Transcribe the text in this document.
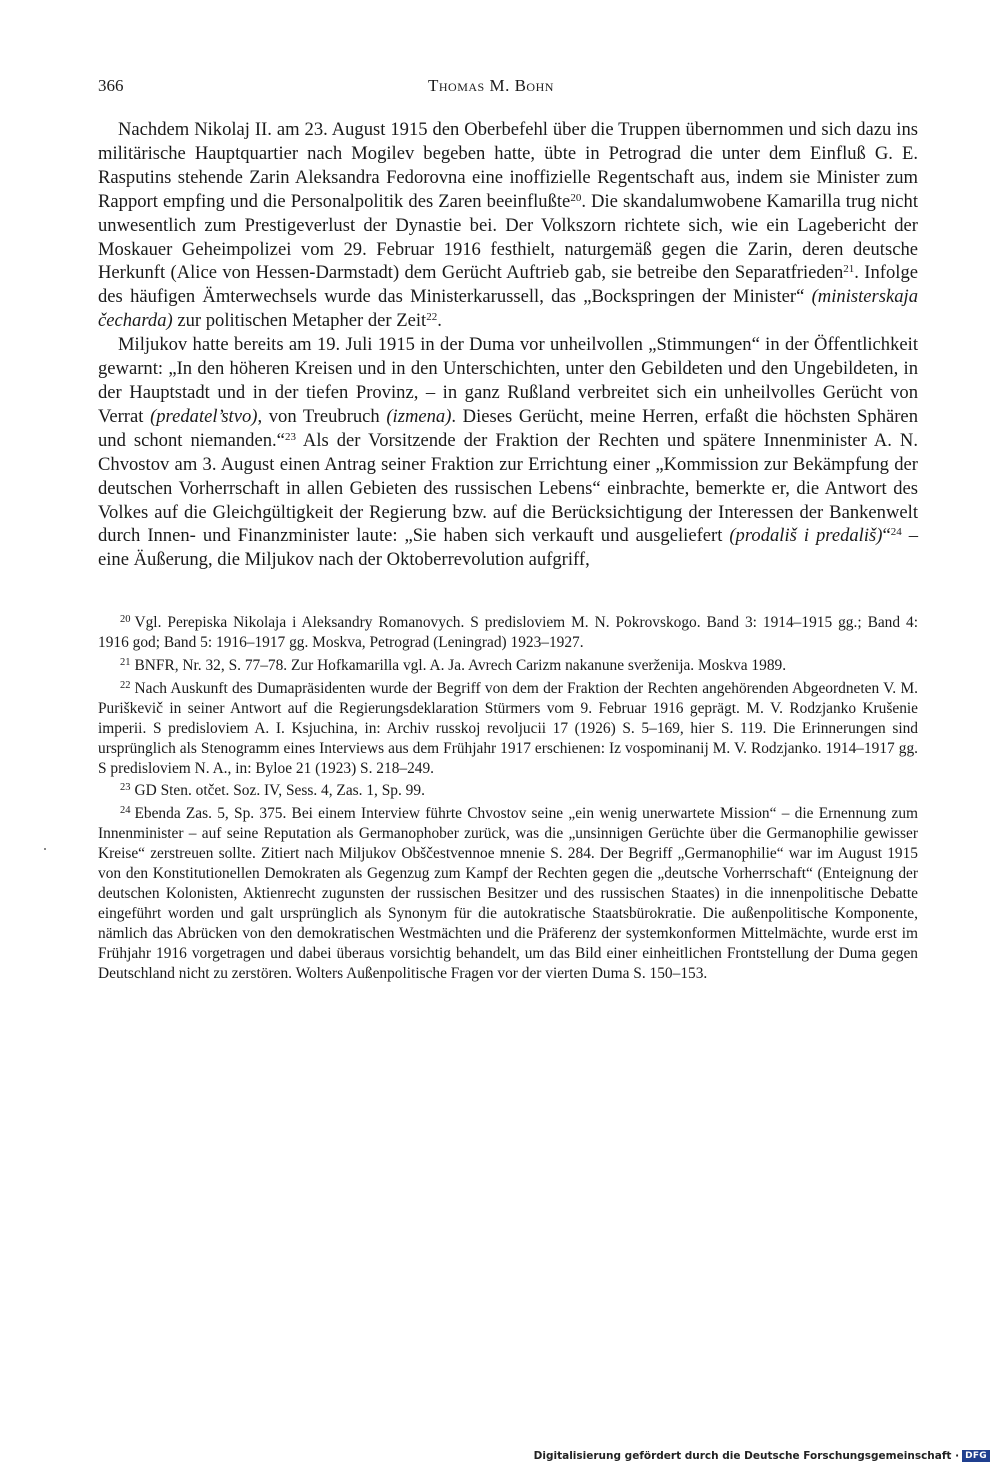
366	Thomas M. Bohn

Nachdem Nikolaj II. am 23. August 1915 den Oberbefehl über die Truppen übernommen und sich dazu ins militärische Hauptquartier nach Mogilev begeben hatte, übte in Petrograd die unter dem Einfluß G. E. Rasputins stehende Zarin Aleksandra Fedorovna eine inoffizielle Regentschaft aus, indem sie Minister zum Rapport empfing und die Personalpolitik des Zaren beeinflußte$^{20}$. Die skandalumwobene Kamarilla trug nicht unwesentlich zum Prestigeverlust der Dynastie bei. Der Volkszorn richtete sich, wie ein Lagebericht der Moskauer Geheimpolizei vom 29. Februar 1916 festhielt, naturgemäß gegen die Zarin, deren deutsche Herkunft (Alice von Hessen-Darmstadt) dem Gerücht Auftrieb gab, sie betreibe den Separatfrieden$^{21}$. Infolge des häufigen Ämterwechsels wurde das Ministerkarussell, das „Bockspringen der Minister“ (ministerskaja čecharda) zur politischen Metapher der Zeit$^{22}$.

Miljukov hatte bereits am 19. Juli 1915 in der Duma vor unheilvollen „Stimmungen“ in der Öffentlichkeit gewarnt: „In den höheren Kreisen und in den Unterschichten, unter den Gebildeten und den Ungebildeten, in der Hauptstadt und in der tiefen Provinz, – in ganz Rußland verbreitet sich ein unheilvolles Gerücht von Verrat (predatel’stvo), von Treubruch (izmena). Dieses Gerücht, meine Herren, erfaßt die höchsten Sphären und schont niemanden.“$^{23}$ Als der Vorsitzende der Fraktion der Rechten und spätere Innenminister A. N. Chvostov am 3. August einen Antrag seiner Fraktion zur Errichtung einer „Kommission zur Bekämpfung der deutschen Vorherrschaft in allen Gebieten des russischen Lebens“ einbrachte, bemerkte er, die Antwort des Volkes auf die Gleichgültigkeit der Regierung bzw. auf die Berücksichtigung der Interessen der Bankenwelt durch Innen- und Finanzminister laute: „Sie haben sich verkauft und ausgeliefert (prodališ i predališ)“$^{24}$ – eine Äußerung, die Miljukov nach der Oktoberrevolution aufgriff,

$^{20}$ Vgl. Perepiska Nikolaja i Aleksandry Romanovych. S predisloviem M. N. Pokrovskogo. Band 3: 1914–1915 gg.; Band 4: 1916 god; Band 5: 1916–1917 gg. Moskva, Petrograd (Leningrad) 1923–1927.

$^{21}$ BNFR, Nr. 32, S. 77–78. Zur Hofkamarilla vgl. A. Ja. Avrech Carizm nakanune sverženija. Moskva 1989.

$^{22}$ Nach Auskunft des Dumapräsidenten wurde der Begriff von dem der Fraktion der Rechten angehörenden Abgeordneten V. M. Puriškevič in seiner Antwort auf die Regierungsdeklaration Stürmers vom 9. Februar 1916 geprägt. M. V. Rodzjanko Krušenie imperii. S predisloviem A. I. Ksjuchina, in: Archiv russkoj revoljucii 17 (1926) S. 5–169, hier S. 119. Die Erinnerungen sind ursprünglich als Stenogramm eines Interviews aus dem Frühjahr 1917 erschienen: Iz vospominanij M. V. Rodzjanko. 1914–1917 gg. S predisloviem N. A., in: Byloe 21 (1923) S. 218–249.

$^{23}$ GD Sten. otčet. Soz. IV, Sess. 4, Zas. 1, Sp. 99.

$^{24}$ Ebenda Zas. 5, Sp. 375. Bei einem Interview führte Chvostov seine „ein wenig unerwartete Mission“ – die Ernennung zum Innenminister – auf seine Reputation als Germanophober zurück, was die „unsinnigen Gerüchte über die Germanophilie gewisser Kreise“ zerstreuen sollte. Zitiert nach Miljukov Obščestvennoe mnenie S. 284. Der Begriff „Germanophilie“ war im August 1915 von den Konstitutionellen Demokraten als Gegenzug zum Kampf der Rechten gegen die „deutsche Vorherrschaft“ (Enteignung der deutschen Kolonisten, Aktienrecht zugunsten der russischen Besitzer und des russischen Staates) in die innenpolitische Debatte eingeführt worden und galt ursprünglich als Synonym für die autokratische Staatsbürokratie. Die außenpolitische Komponente, nämlich das Abrücken von den demokratischen Westmächten und die Präferenz der systemkonformen Mittelmächte, wurde erst im Frühjahr 1916 vorgetragen und dabei überaus vorsichtig behandelt, um das Bild einer einheitlichen Frontstellung der Duma gegen Deutschland nicht zu zerstören. Wolters Außenpolitische Fragen vor der vierten Duma S. 150–153.

Digitalisierung gefördert durch die Deutsche Forschungsgemeinschaft · DFG
